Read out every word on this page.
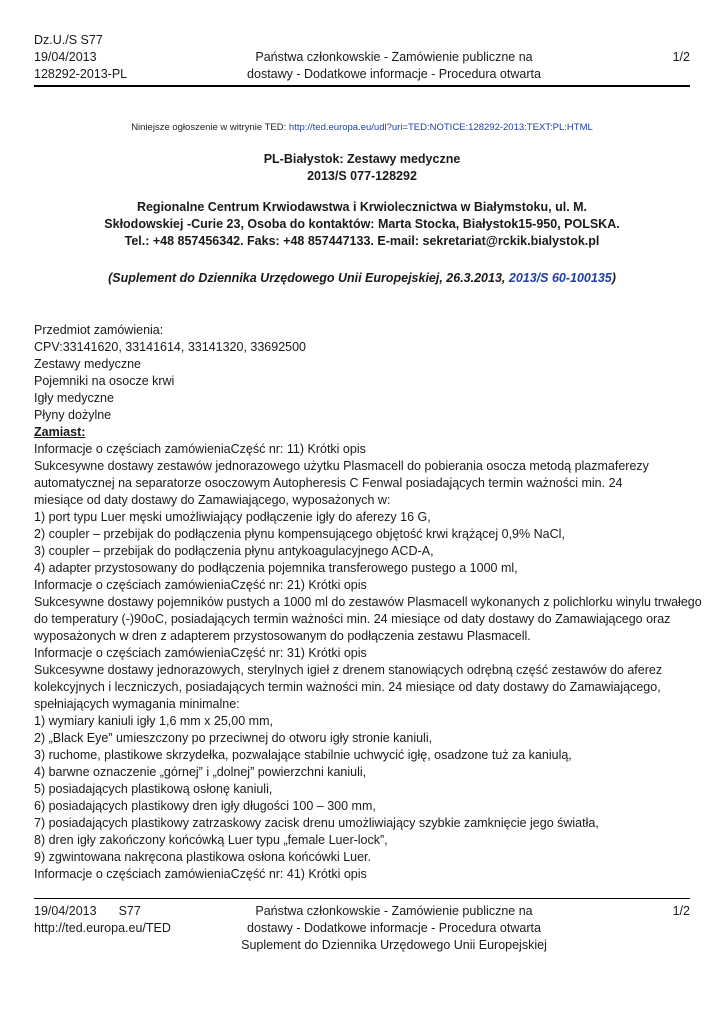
Dz.U./S S77
19/04/2013
128292-2013-PL
Państwa członkowskie - Zamówienie publiczne na
dostawy - Dodatkowe informacje - Procedura otwarta
1/2
Niniejsze ogłoszenie w witrynie TED: http://ted.europa.eu/udl?uri=TED:NOTICE:128292-2013:TEXT:PL:HTML
PL-Białystok: Zestawy medyczne
2013/S 077-128292
Regionalne Centrum Krwiodawstwa i Krwiolecznictwa w Białymstoku, ul. M.
Skłodowskiej -Curie 23, Osoba do kontaktów: Marta Stocka, Białystok15-950, POLSKA.
Tel.: +48 857456342. Faks: +48 857447133. E-mail: sekretariat@rckik.bialystok.pl
(Suplement do Dziennika Urzędowego Unii Europejskiej, 26.3.2013, 2013/S 60-100135)
Przedmiot zamówienia:
CPV:33141620, 33141614, 33141320, 33692500
Zestawy medyczne
Pojemniki na osocze krwi
Igły medyczne
Płyny dożylne
Zamiast:
Informacje o częściach zamówieniaCzęść nr: 11) Krótki opis
Sukcesywne dostawy zestawów jednorazowego użytku Plasmacell do pobierania osocza metodą plazmaferezy
automatycznej na separatorze osoczowym Autopheresis C Fenwal posiadających termin ważności min. 24
miesiące od daty dostawy do Zamawiającego, wyposażonych w:
1) port typu Luer męski umożliwiający podłączenie igły do aferezy 16 G,
2) coupler – przebijak do podłączenia płynu kompensującego objętość krwi krążącej 0,9% NaCl,
3) coupler – przebijak do podłączenia płynu antykoagulacyjnego ACD-A,
4) adapter przystosowany do podłączenia pojemnika transferowego pustego a 1000 ml,
Informacje o częściach zamówieniaCzęść nr: 21) Krótki opis
Sukcesywne dostawy pojemników pustych a 1000 ml do zestawów Plasmacell wykonanych z polichlorku winylu trwałego
do temperatury (-)90oC, posiadających termin ważności min. 24 miesiące od daty dostawy do Zamawiającego oraz
wyposażonych w dren z adapterem przystosowanym do podłączenia zestawu Plasmacell.
Informacje o częściach zamówieniaCzęść nr: 31) Krótki opis
Sukcesywne dostawy jednorazowych, sterylnych igieł z drenem stanowiących odrębną część zestawów do aferez
kolekcyjnych i leczniczych, posiadających termin ważności min. 24 miesiące od daty dostawy do Zamawiającego,
spełniających wymagania minimalne:
1) wymiary kaniuli igły 1,6 mm x 25,00 mm,
2) „Black Eye” umieszczony po przeciwnej do otworu igły stronie kaniuli,
3) ruchome, plastikowe skrzydełka, pozwalające stabilnie uchwycić igłę, osadzone tuż za kaniulą,
4) barwne oznaczenie „górnej” i „dolnej” powierzchni kaniuli,
5) posiadających plastikową osłonę kaniuli,
6) posiadających plastikowy dren igły długości 100 – 300 mm,
7) posiadających plastikowy zatrzaskowy zacisk drenu umożliwiający szybkie zamknięcie jego światła,
8) dren igły zakończony końcówką Luer typu „female Luer-lock”,
9) zgwintowana nakręcona plastikowa osłona końcówki Luer.
Informacje o częściach zamówieniaCzęść nr: 41) Krótki opis
19/04/2013 S77
http://ted.europa.eu/TED
Państwa członkowskie - Zamówienie publiczne na
dostawy - Dodatkowe informacje - Procedura otwarta
Suplement do Dziennika Urzędowego Unii Europejskiej
1/2
